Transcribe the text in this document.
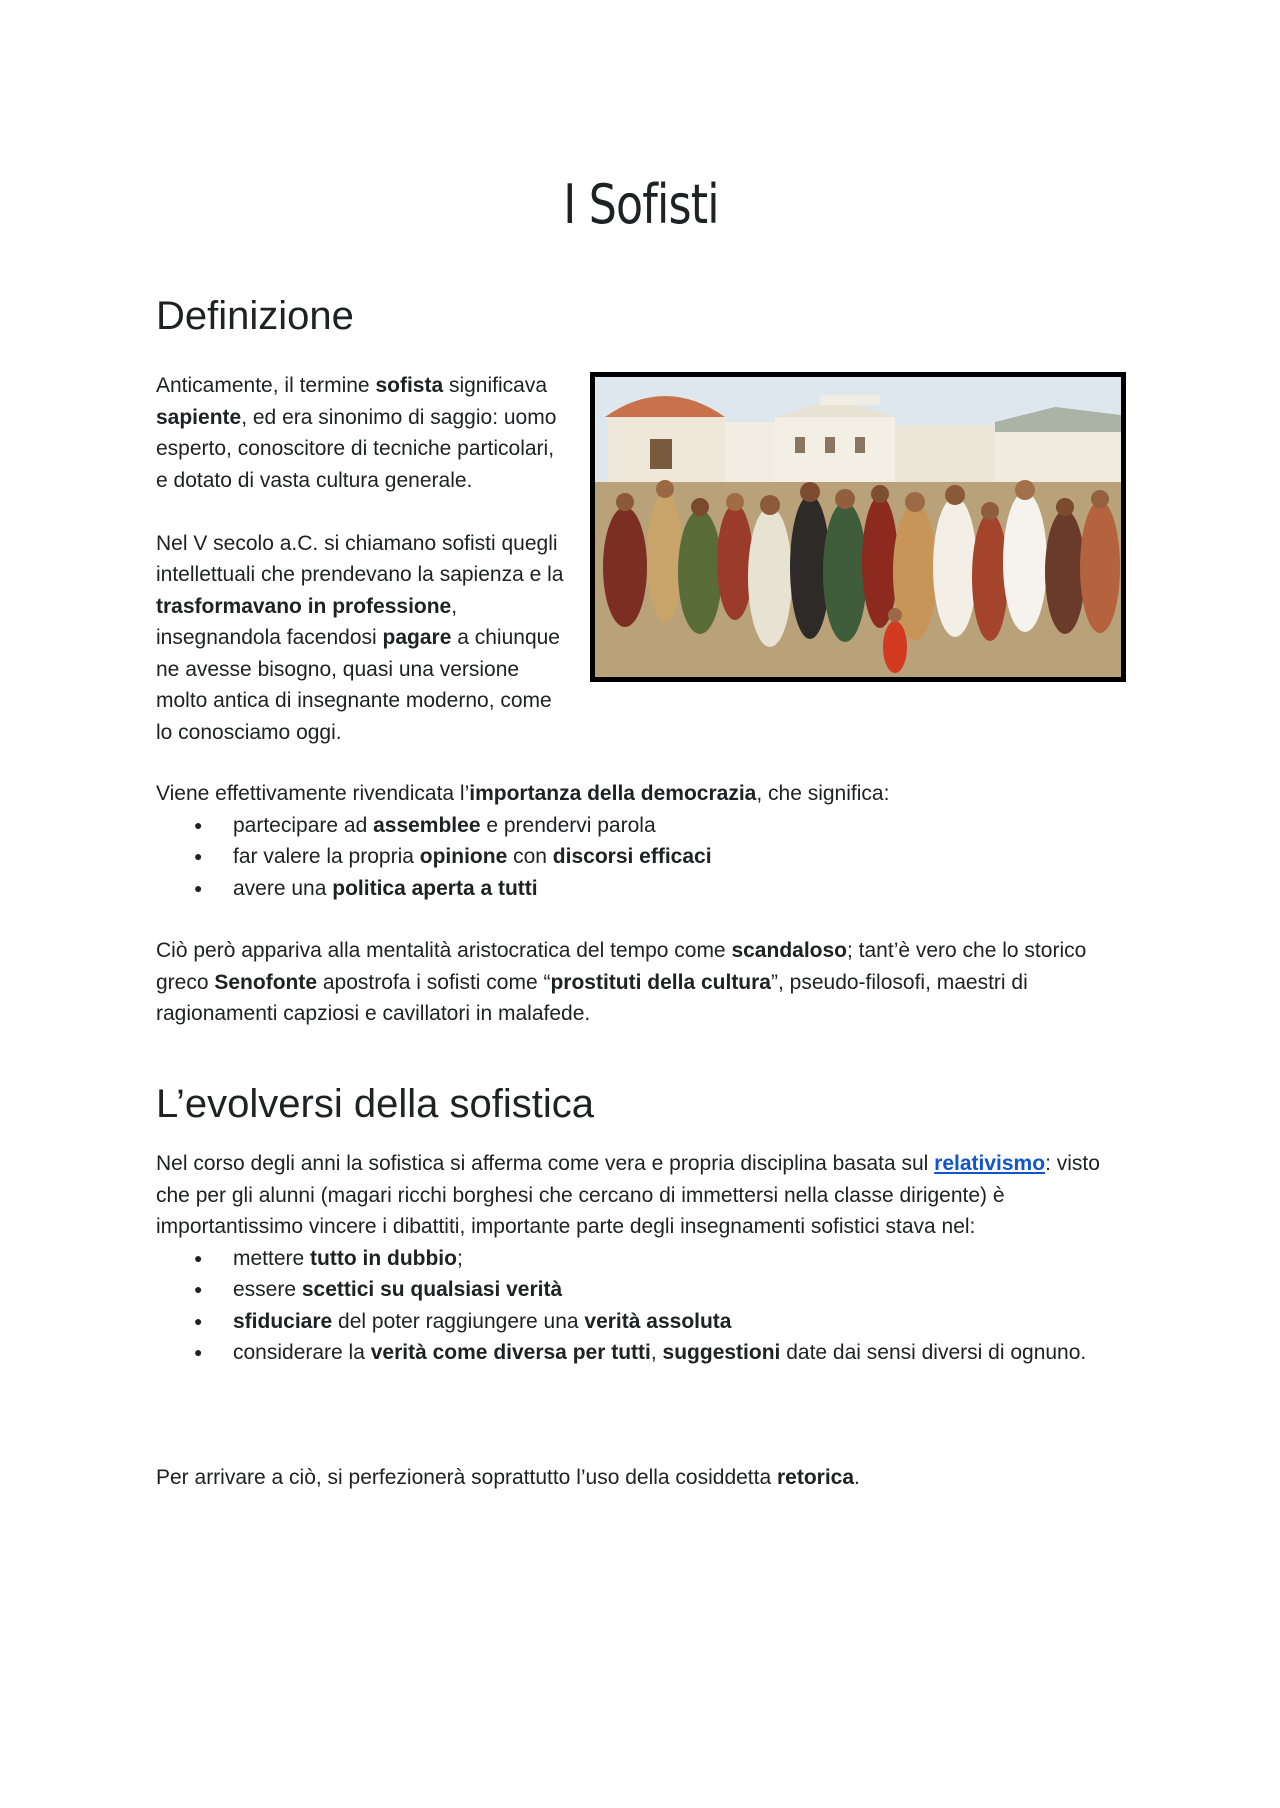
I Sofisti
Definizione

Anticamente, il termine sofista significava sapiente, ed era sinonimo di saggio: uomo esperto, conoscitore di tecniche particolari, e dotato di vasta cultura generale.

Nel V secolo a.C. si chiamano sofisti quegli intellettuali che prendevano la sapienza e la trasformavano in professione, insegnandola facendosi pagare a chiunque ne avesse bisogno, quasi una versione molto antica di insegnante moderno, come lo conosciamo oggi.

Viene effettivamente rivendicata l’importanza della democrazia, che significa:

● partecipare ad assemblee e prendervi parola
● far valere la propria opinione con discorsi efficaci
● avere una politica aperta a tutti

Ciò però appariva alla mentalità aristocratica del tempo come scandaloso; tant’è vero che lo storico greco Senofonte apostrofa i sofisti come “prostituti della cultura”, pseudo-filosofi, maestri di ragionamenti capziosi e cavillatori in malafede.

L’evolversi della sofistica

Nel corso degli anni la sofistica si afferma come vera e propria disciplina basata sul relativismo: visto che per gli alunni (magari ricchi borghesi che cercano di immettersi nella classe dirigente) è importantissimo vincere i dibattiti, importante parte degli insegnamenti sofistici stava nel:

● mettere tutto in dubbio;
● essere scettici su qualsiasi verità
● sfiduciare del poter raggiungere una verità assoluta
● considerare la verità come diversa per tutti, suggestioni date dai sensi diversi di ognuno.

Per arrivare a ciò, si perfezionerà soprattutto l’uso della cosiddetta retorica.
